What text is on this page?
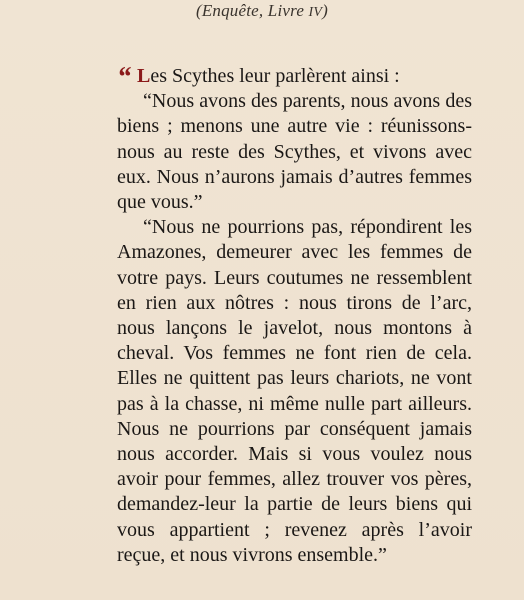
(Enquête, Livre IV)

“ Les Scythes leur parlèrent ainsi :

“Nous avons des parents, nous avons des biens ; menons une autre vie : réunissons-nous au reste des Scythes, et vivons avec eux. Nous n’aurons jamais d’autres femmes que vous.”

“Nous ne pourrions pas, répondirent les Amazones, demeurer avec les femmes de votre pays. Leurs coutumes ne ressemblent en rien aux nôtres : nous tirons de l’arc, nous lançons le javelot, nous montons à cheval. Vos femmes ne font rien de cela. Elles ne quittent pas leurs chariots, ne vont pas à la chasse, ni même nulle part ailleurs. Nous ne pourrions par conséquent jamais nous accorder. Mais si vous voulez nous avoir pour femmes, allez trouver vos pères, demandez-leur la partie de leurs biens qui vous appartient ; revenez après l’avoir reçue, et nous vivrons ensemble.”
